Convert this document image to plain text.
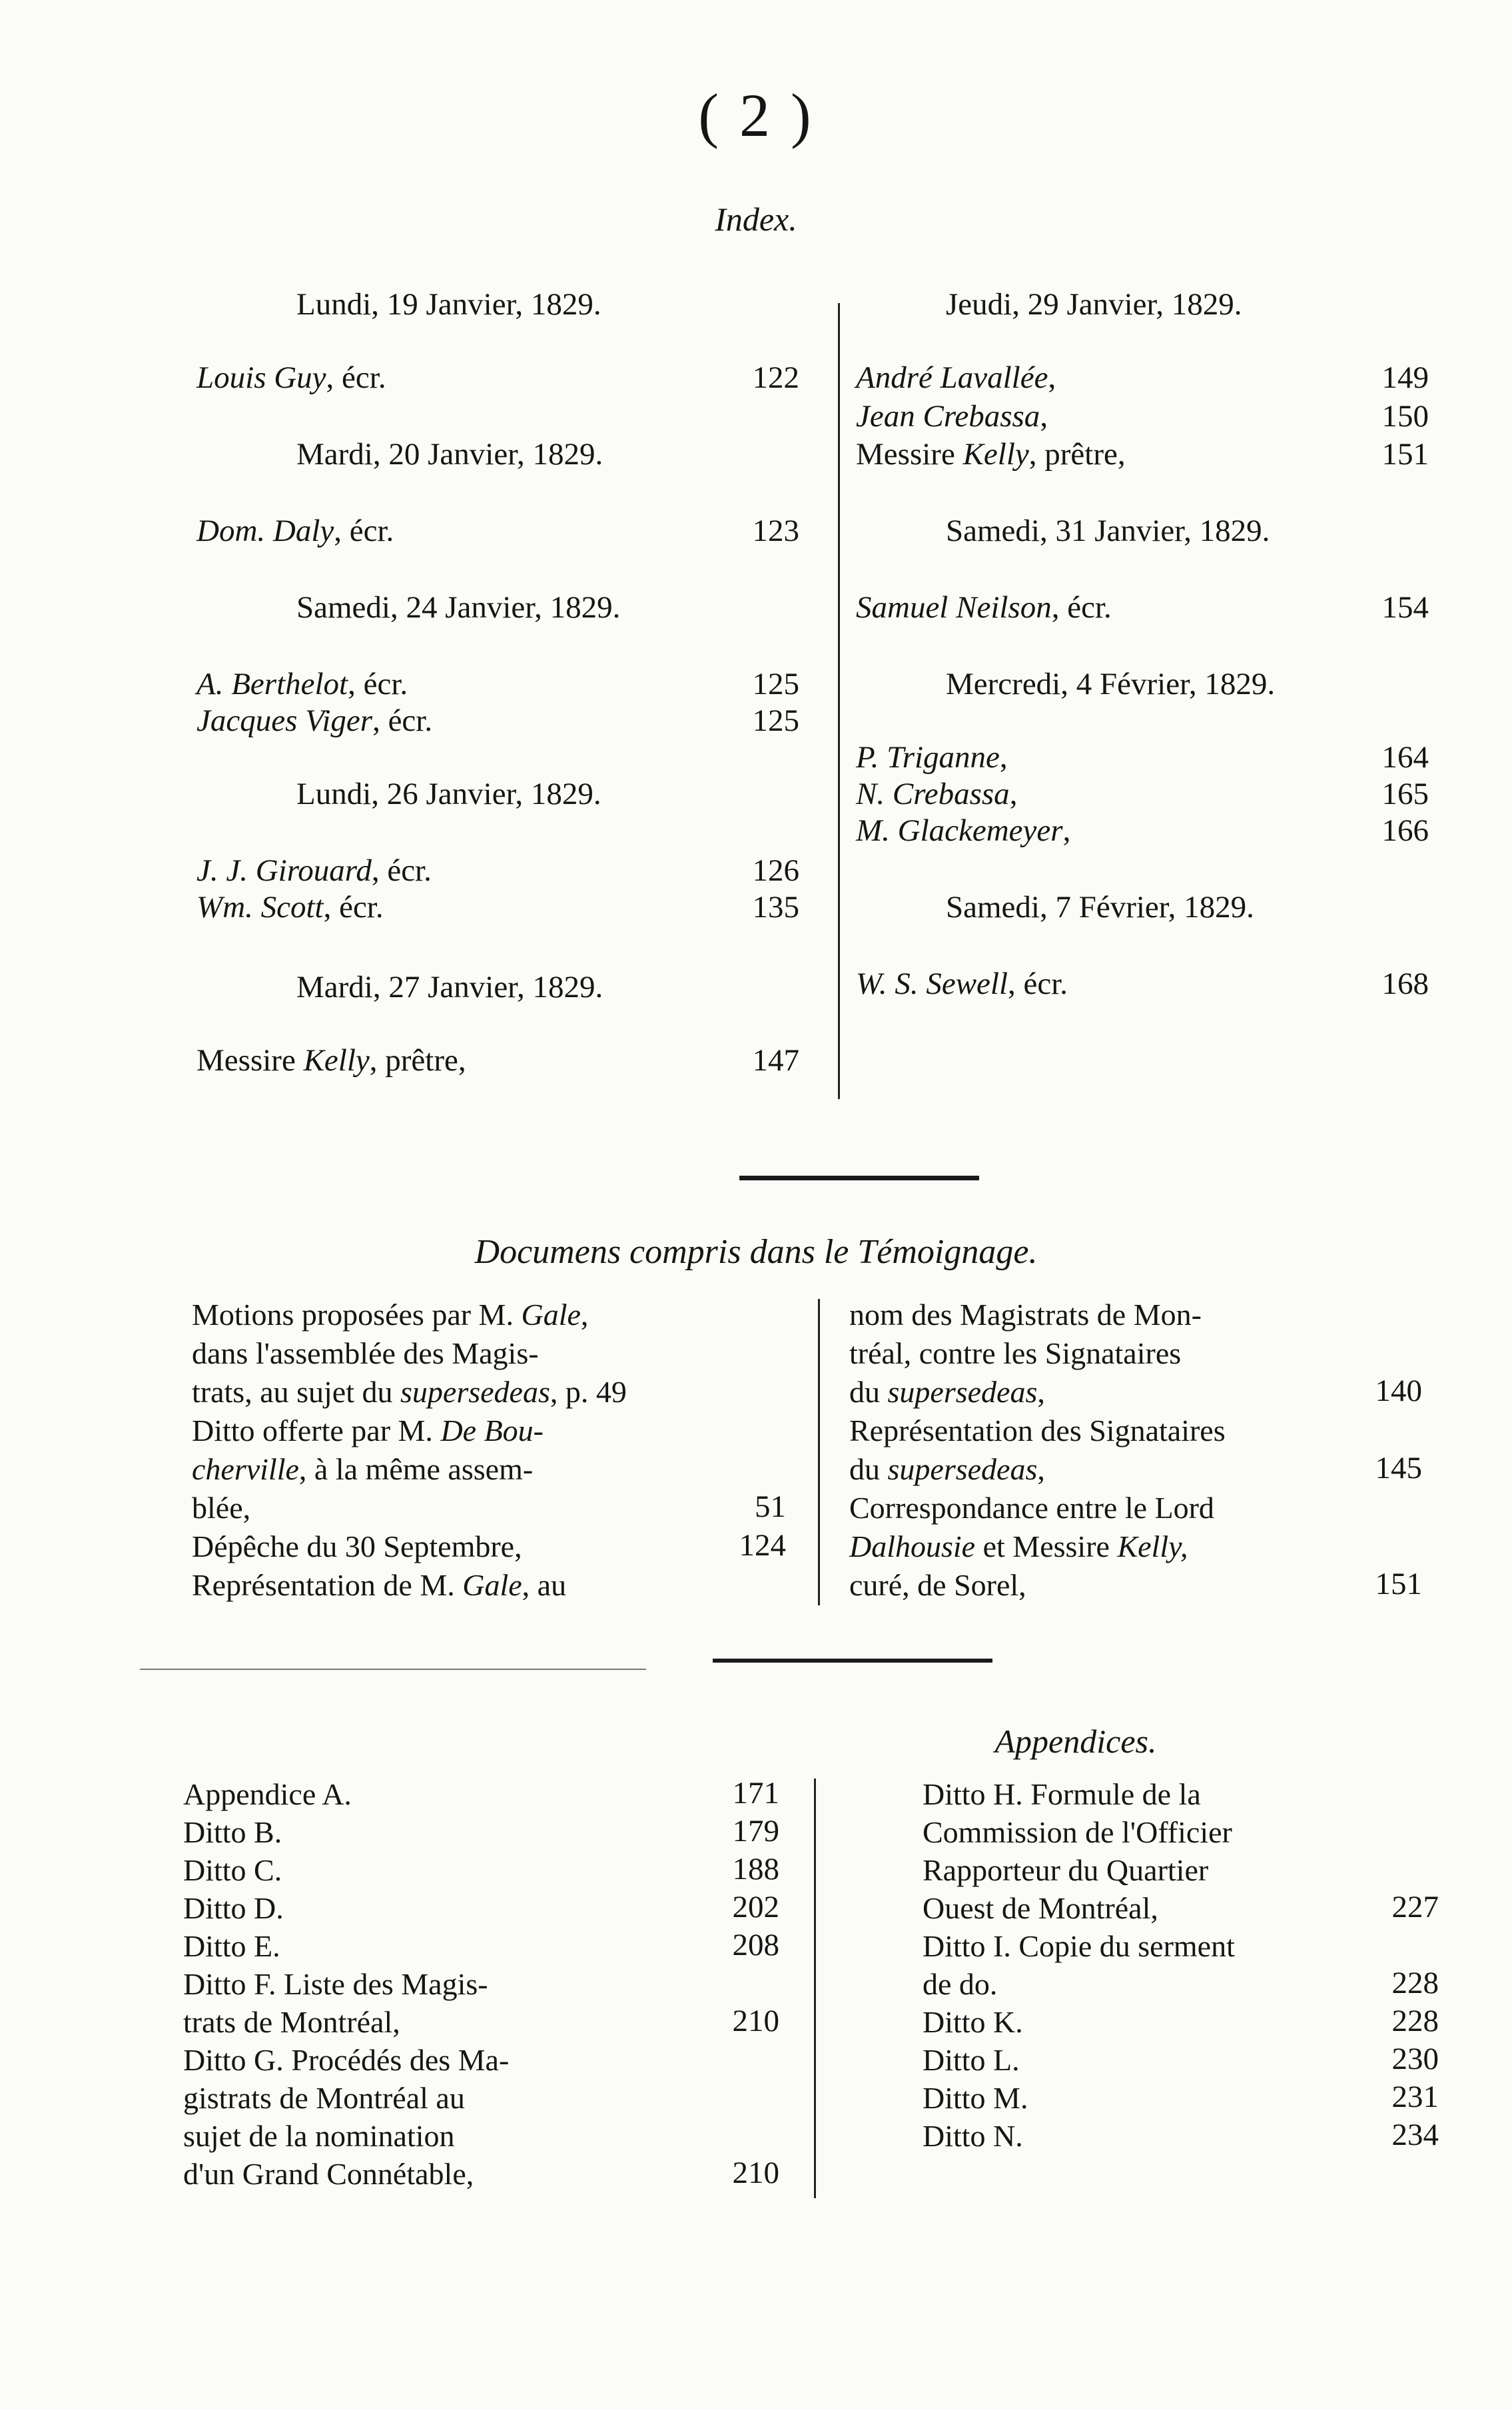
( 2 )
Index.
Lundi, 19 Janvier, 1829.
Louis Guy, écr.	122
Mardi, 20 Janvier, 1829.
Dom. Daly, écr.	123
Samedi, 24 Janvier, 1829.
A. Berthelot, écr.	125
Jacques Viger, écr.	125
Lundi, 26 Janvier, 1829.
J. J. Girouard, écr.	126
Wm. Scott, écr.	135
Mardi, 27 Janvier, 1829.
Messire Kelly, prêtre,	147
Jeudi, 29 Janvier, 1829.
André Lavallée,	149
Jean Crebassa,	150
Messire Kelly, prêtre,	151
Samedi, 31 Janvier, 1829.
Samuel Neilson, écr.	154
Mercredi, 4 Février, 1829.
P. Triganne,	164
N. Crebassa,	165
M. Glackemeyer,	166
Samedi, 7 Février, 1829.
W. S. Sewell, écr.	168
Documens compris dans le Témoignage.
Motions proposées par M. Gale,
dans l'assemblée des Magis-
trats, au sujet du supersedeas, p. 49
Ditto offerte par M. De Bou-
cherville, à la même assem-
blée,	51
Dépêche du 30 Septembre,	124
Représentation de M. Gale, au
nom des Magistrats de Mon-
tréal, contre les Signataires
du supersedeas,	140
Représentation des Signataires
du supersedeas,	145
Correspondance entre le Lord
Dalhousie et Messire Kelly,
curé, de Sorel,	151
Appendices.
Appendice A.	171
Ditto B.	179
Ditto C.	188
Ditto D.	202
Ditto E.	208
Ditto F. Liste des Magis-
trats de Montréal,	210
Ditto G. Procédés des Ma-
gistrats de Montréal au
sujet de la nomination
d'un Grand Connétable,	210
Ditto H. Formule de la
Commission de l'Officier
Rapporteur du Quartier
Ouest de Montréal,	227
Ditto I. Copie du serment
de do.	228
Ditto K.	228
Ditto L.	230
Ditto M.	231
Ditto N.	234
